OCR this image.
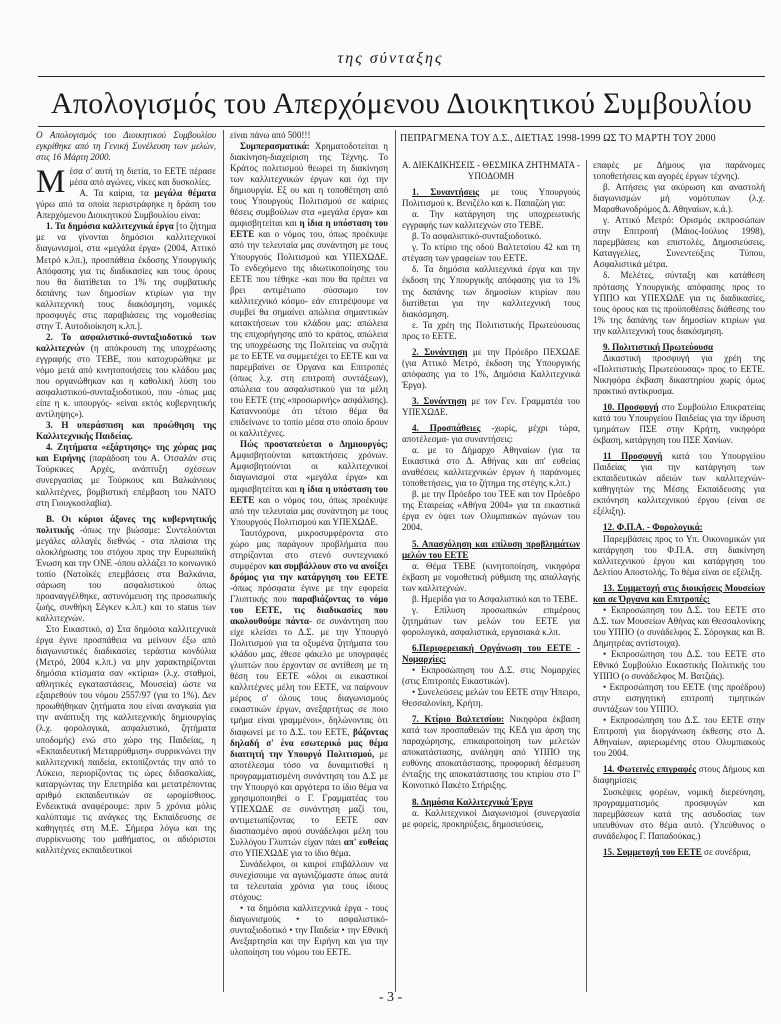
της σύνταξης
Απολογισμός του Απερχόμενου Διοικητικού Συμβουλίου

Ο Απολογισμός του Διοικητικού Συμβουλίου εγκρίθηκε από τη Γενική Συνέλευση των μελών, στις 16 Μάρτη 2000.

Μέσα σ' αυτή τη διετία, το ΕΕΤΕ πέρασε μέσα από αγώνες, νίκες και δυσκολίες.

Α. Τα καίρια, τα μεγάλα θέματα γύρω από τα οποία περιστράφηκε η δράση του Απερχόμενου Διοικητικού Συμβουλίου είναι:

1. Τα δημόσια καλλιτεχνικά έργα [το ζήτημα με να γίνονται δημόσιοι καλλιτεχνικοί διαγωνισμοί, στα «μεγάλα έργα» (2004, Αττικό Μετρό κ.λπ.), προσπάθεια έκδοσης Υπουργικής Απόφασης για τις διαδικασίες και τους όρους που θα διατίθεται το 1% της συμβατικής δαπάνης των δημοσίων κτιρίων για την καλλιτεχνική τους διακόσμηση, νομικές προσφυγές στις παραβιάσεις της νομοθεσίας στην Τ. Αυτοδιοίκηση κ.λπ.].

2. Το ασφαλιστικό-συνταξιοδοτικό των καλλιτεχνών (η απόκρουση της υποχρέωσης εγγραφής στο ΤΕΒΕ, που κατοχυρώθηκε με νόμο μετά από κινητοποιήσεις του κλάδου μας που οργανώθηκαν και η καθολική λύση του ασφαλιστικού-συνταξιοδοτικού, που -όπως μας είπε η κ. υπουργός- «είναι εκτός κυβερνητικής αντίληψης»).

3. Η υπεράσπιση και προώθηση της Καλλιτεχνικής Παιδείας.

4. Ζητήματα «εξάρτησης» της χώρας μας και Ειρήνης (παράδοση του Α. Οτσαλάν στις Τούρκικες Αρχές, ανάπτυξη σχέσεων συνεργασίας με Τούρκους και Βαλκάνιους καλλιτέχνες, βομβιστική επέμβαση του ΝΑΤΟ στη Γιουγκοσλαβία).

Β. Οι κύριοι άξονες της κυβερνητικής πολιτικής -όπως την βιώσαμε: Συντελούνται μεγάλες αλλαγές διεθνώς - στα πλαίσια της ολοκλήρωσης του στόχου προς την Ευρωπαϊκή Ένωση και την ΟΝΕ -όπου αλλάζει το κοινωνικό τοπίο (Νατοϊκές επεμβάσεις στα Βαλκάνια, σάρωση του ασφαλιστικού όπως προαναγγέλθηκε, αστυνόμευση της προσωπικής ζωής, συνθήκη Σέγκεν κ.λπ.) και το status των καλλιτεχνών.

Στο Εικαστικό, α) Στα δημόσια καλλιτεχνικά έργα έγινε προσπάθεια να μείνουν έξω από διαγωνιστικές διαδικασίες τεράστια κονδύλια (Μετρό, 2004 κ.λπ.) να μην χαρακτηρίζονται δημόσια κτίσματα σαν «κτίρια» (λ.χ. σταθμοί, αθλητικές εγκαταστάσεις, Μουσεία) ώστε να εξαιρεθούν του νόμου 2557/97 (για το 1%). Δεν προωθήθηκαν ζητήματα που είναι αναγκαία για την ανάπτυξη της καλλιτεχνικής δημιουργίας (λ.χ. φορολογικά, ασφαλιστικό, ζητήματα υποδομής) ενώ στο χώρο της Παιδείας, η «Εκπαιδευτική Μεταρρύθμιση» συρρικνώνει την καλλιτεχνική παιδεία, εκτοπίζοντάς την από το Λύκειο, περιορίζοντας τις ώρες διδασκαλίας, καταργώντας την Επετηρίδα και μετατρέποντας αριθμό εκπαιδευτικών σε ωρομίσθιους. Ενδεικτικά αναφέρουμε: πριν 5 χρόνια μόλις καλύπταμε τις ανάγκες της Εκπαίδευσης σε καθηγητές στη Μ.Ε. Σήμερα λόγω και της συρρίκνωσης του μαθήματος, οι αδιόριστοι καλλιτέχνες εκπαιδευτικοί

είναι πάνω από 500!!!

Συμπερασματικά: Χρηματοδοτείται η διακίνηση-διαχείριση της Τέχνης. Το Κράτος πολιτισμού θεωρεί τη διακίνηση των καλλιτεχνικών έργων και όχι την δημιουργία. Εξ ου και η τοποθέτηση από τους Υπουργούς Πολιτισμού σε καίριες θέσεις συμβούλων στα «μεγάλα έργα» και αμφισβητείται και η ίδια η υπόσταση του ΕΕΤΕ και ο νόμος του, όπως προέκυψε από την τελευταία μας συνάντηση με τους Υπουργούς Πολιτισμού και ΥΠΕΧΩΔΕ. Το ενδεχόμενο της ιδιωτικοποίησης του ΕΕΤΕ που τέθηκε -και που θα πρέπει να βρει αντιμέτωπο σύσσωμο τον καλλιτεχνικό κόσμο- εάν επιτρέψουμε να συμβεί θα σημαίνει απώλεια σημαντικών κατακτήσεων του κλάδου μας: απώλεια της επιχορήγησης από το κράτος, απώλεια της υποχρέωσης της Πολιτείας να συζητά με το ΕΕΤΕ να συμμετέχει το ΕΕΤΕ και να παρεμβαίνει σε Όργανα και Επιτροπές (όπως λ.χ. στη επιτροπή συντάξεων), απώλεια του ασφαλιστικού για τα μέλη του ΕΕΤΕ (της «προσωρινής» ασφάλισης). Καταννοούμε ότι τέτοιο θέμα θα επιδείνωνε το τοπίο μέσα στο οποίο δρουν οι καλλιτέχνες.

Πώς προστατεύεται ο Δημιουργός; Αμφισβητούνται κατακτήσεις χρόνων. Αμφισβητούνται οι καλλιτεχνικοί διαγωνισμοί στα «μεγάλα έργα» και αμφισβητείται και η ίδια η υπόσταση του ΕΕΤΕ και ο νόμος του, όπως προέκυψε από την τελευταία μας συνάντηση με τους Υπουργούς Πολιτισμού και ΥΠΕΧΩΔΕ.

Ταυτόχρονα, μικροσυμφέροντα στο χώρο μας παράγουν προβλήματα που στηρίζονται στο στενό συντεχνιακό συμφέρον και συμβάλλουν στο να ανοίξει δρόμος για την κατάργηση του ΕΕΤΕ -όπως πρόσφατα έγινε με την εφορεία Γλυπτικής που παραβιάζοντας το νόμο του ΕΕΤΕ, τις διαδικασίες που ακολουθούμε πάντα- σε συνάντηση που είχε κλείσει το Δ.Σ. με την Υπουργό Πολιτισμού για τα οξυμένα ζητήματα του κλάδου μας, έθεσε φάκελο με υπογραφές γλυπτών που έρχονταν σε αντίθεση με τη θέση του ΕΕΤΕ «όλοι οι εικαστικοί καλλιτέχνες μέλη του ΕΕΤΕ, να παίρνουν μέρος σ' όλους τους διαγωνισμούς εικαστικών έργων, ανεξαρτήτως σε ποιο τμήμα είναι γραμμένοι», δηλώνοντας ότι διαφωνεί με το Δ.Σ. του ΕΕΤΕ, βάζοντας δηλαδή σ' ένα εσωτερικό μας θέμα διαιτητή την Υπουργό Πολιτισμού, με αποτέλεσμα τόσο να δυναμιτισθεί η προγραμματισμένη συνάντηση του Δ.Σ με την Υπουργό και αργότερα το ίδιο θέμα να χρησιμοποιηθεί ο Γ. Γραμματέας του ΥΠΕΧΩΔΕ σε συνάντηση μαζί του, αντιμετωπίζοντας το ΕΕΤΕ σαν διασπασμένο αφού συνάδελφοι μέλη του Συλλόγου Γλυπτών είχαν πάει απ' ευθείας στο ΥΠΕΧΩΔΕ για το ίδιο θέμα.

Συνάδελφοι, οι καιροί επιβάλλουν να συνεχίσουμε να αγωνιζόμαστε όπως αυτά τα τελευταία χρόνια για τους ίδιους στόχους:

• τα δημόσια καλλιτεχνικά έργα - τους διαγωνισμούς • το ασφαλιστικό-συνταξιοδοτικό • την Παιδεία • την Εθνική Ανεξαρτησία και την Ειρήνη και για την υλοποίηση του νόμου του ΕΕΤΕ.

ΠΕΠΡΑΓΜΕΝΑ ΤΟΥ Δ.Σ., ΔΙΕΤΙΑΣ 1998-1999 ΩΣ ΤΟ ΜΑΡΤΗ ΤΟΥ 2000

Α. ΔΙΕΚΔΙΚΗΣΕΙΣ - ΘΕΣΜΙΚΑ ΖΗΤΗΜΑΤΑ - ΥΠΟΔΟΜΗ

1. Συναντήσεις με τους Υπουργούς Πολιτισμού κ. Βενιζέλο και κ. Παπαζώη για:

α. Την κατάργηση της υποχρεωτικής εγγραφής των καλλιτεχνών στο ΤΕΒΕ.

β. Το ασφαλιστικό-συνταξιοδοτικό.

γ. Το κτίριο της οδού Βαλτετσίου 42 και τη στέγαση των γραφείων του ΕΕΤΕ.

δ. Τα δημόσια καλλιτεχνικά έργα και την έκδοση της Υπουργικής απόφασης για το 1% της δαπάνης των δημοσίων κτιρίων που διατίθεται για την καλλιτεχνική τους διακόσμηση.

ε. Τα χρέη της Πολιτιστικής Πρωτεύουσας προς το ΕΕΤΕ.

2. Συνάντηση με την Πρόεδρο ΠΕΧΩΔΕ (για Αττικό Μετρό, έκδοση της Υπουργικής απόφασης για το 1%, Δημόσια Καλλιτεχνικά Έργα).

3. Συνάντηση με τον Γεν. Γραμματέα του ΥΠΕΧΩΔΕ.

4. Προσπάθειες -χωρίς, μέχρι τώρα, αποτέλεσμα- για συναντήσεις:

α. με το Δήμαρχο Αθηναίων (για τα Εικαστικά στο Δ. Αθήνας και απ' ευθείας αναθέσεις καλλιτεχνικών έργων ή παράνομες τοποθετήσεις, για το ζήτημα της στέγης κ.λπ.)

β. με την Πρόεδρο του ΤΕΕ και τον Πρόεδρο της Εταιρείας «Αθήνα 2004» για τα εικαστικά έργα εν όψει των Ολυμπιακών αγώνων του 2004.

5. Απασχόληση και επίλυση προβλημάτων μελών του ΕΕΤΕ

α. Θέμα ΤΕΒΕ (κινητοποίηση, νικηφόρα έκβαση με νομοθετική ρύθμιση της απαλλαγής των καλλιτεχνών.

β. Ημερίδα για το Ασφαλιστικό και το ΤΕΒΕ.

γ. Επίλυση προσωπικών επιμέρους ζητημάτων των μελών του ΕΕΤΕ για φορολογικά, ασφαλιστικά, εργασιακά κ.λπ.

6.Περιφερειακή Οργάνωση του ΕΕΤΕ - Νομαρχίες:

• Εκπροσώπηση του Δ.Σ. στις Νομαρχίες (στις Επιτροπές Εικαστικών).

• Συνελεύσεις μελών του ΕΕΤΕ στην Ήπειρο, Θεσσαλονίκη, Κρήτη.

7. Κτίριο Βαλτετσίου: Νικηφόρα έκβαση κατά των προσπαθειών της ΚΕΔ για άρση της παραχώρησης, επικαιροποίηση των μελετών αποκατάστασης, ανάληψη από ΥΠΠΟ της ευθύνης αποκατάστασης, προφορική δέσμευση ένταξης της αποκατάστασης του κτιρίου στο Γ' Κοινοτικό Πακέτο Στήριξης.

8. Δημόσια Καλλιτεχνικά Έργα

α. Καλλιτεχνικοί Διαγωνισμοί (συνεργασία με φορείς, προκηρύξεις, δημοσιεύσεις,

επαφές με Δήμους για παράνομες τοποθετήσεις και αγορές έργων τέχνης).

β. Αιτήσεις για ακύρωση και αναστολή διαγωνισμών μή νομότυπων (λ.χ. Μαραθωνοδρόμος Δ. Αθηναίων, κ.ά.).

γ. Αττικό Μετρό: Ορισμός εκπροσώπων στην Επιτροπή (Μάιος-Ιούλιος 1998), παρεμβάσεις και επιστολές, Δημοσιεύσεις, Καταγγελίες, Συνεντεύξεις Τύπου, Ασφαλιστικά μέτρα.

δ. Μελέτες, σύνταξη και κατάθεση πρότασης Υπουργικής απόφασης προς το ΥΠΠΟ και ΥΠΕΧΩΔΕ για τις διαδικασίες, τους όρους και τις προϋποθέσεις διάθεσης του 1% της δαπάνης των δημοσίων κτιρίων για την καλλιτεχνική τους διακόσμηση.

9. Πολιτιστική Πρωτεύουσα

Δικαστική προσφυγή για χρέη της «Πολιτιστικής Πρωτεύουσας» προς το ΕΕΤΕ. Νικηφόρα έκβαση δικαστηρίου χωρίς όμως πρακτικό αντίκρυσμα.

10. Προσφυγή στο Συμβούλιο Επικρατείας κατά του Υπουργείου Παιδείας για την ίδρυση τμημάτων ΠΣΕ στην Κρήτη, νικηφόρα έκβαση, κατάργηση του ΠΣΕ Χανίων.

11 Προσφυγή κατά του Υπουργείου Παιδείας για την κατάργηση των εκπαιδευτικών αδειών των καλλιτεχνών-καθηγητών της Μέσης Εκπαίδευσης για εκπόνηση καλλιτεχνικού έργου (είναι σε εξέλιξη).

12. Φ.Π.Α. - Φορολογικά:

Παρεμβάσεις προς το Υπ. Οικονομικών για κατάργηση του Φ.Π.Α. στη διακίνηση καλλιτεχνικού έργου και κατάργηση του Δελτίου Αποστολής. Το θέμα είναι σε εξέλιξη.

13. Συμμετοχή στις διοικήσεις Μουσείων και σε Όργανα και Επιτροπές:

• Εκπροσώπηση του Δ.Σ. του ΕΕΤΕ στο Δ.Σ. των Μουσείων Αθήνας και Θεσσαλονίκης του ΥΠΠΟ (ο συνάδελφος Σ. Σόρογκας και Β. Δημητρέας αντίστοιχα).

• Εκπροσώπηση του Δ.Σ. του ΕΕΤΕ στο Εθνικό Συμβούλιο Εικαστικής Πολιτικής του ΥΠΠΟ (ο συνάδελφος Μ. Βατζιάς).

• Εκπροσώπηση του ΕΕΤΕ (της προέδρου) στην εισηγητική επιτροπή τιμητικών συντάξεων του ΥΠΠΟ.

• Εκπροσώπηση του Δ.Σ. του ΕΕΤΕ στην Επιτροπή για διοργάνωση έκθεσης στο Δ. Αθηναίων, αφιερωμένης στου Ολυμπιακούς του 2004.

14. Φωτεινές επιγραφές στους Δήμους και διαφημίσεις

Συσκέψεις φορέων, νομική διερεύνηση, προγραμματισμός προσφυγών και παρεμβάσεων κατά της ασυδοσίας των υπευθύνων στο θέμα αυτό. (Υπεύθυνος ο συνάδελφος Γ. Παπαδούκας.)

15. Συμμετοχή του ΕΕΤΕ σε συνέδρια,

- 3 -
